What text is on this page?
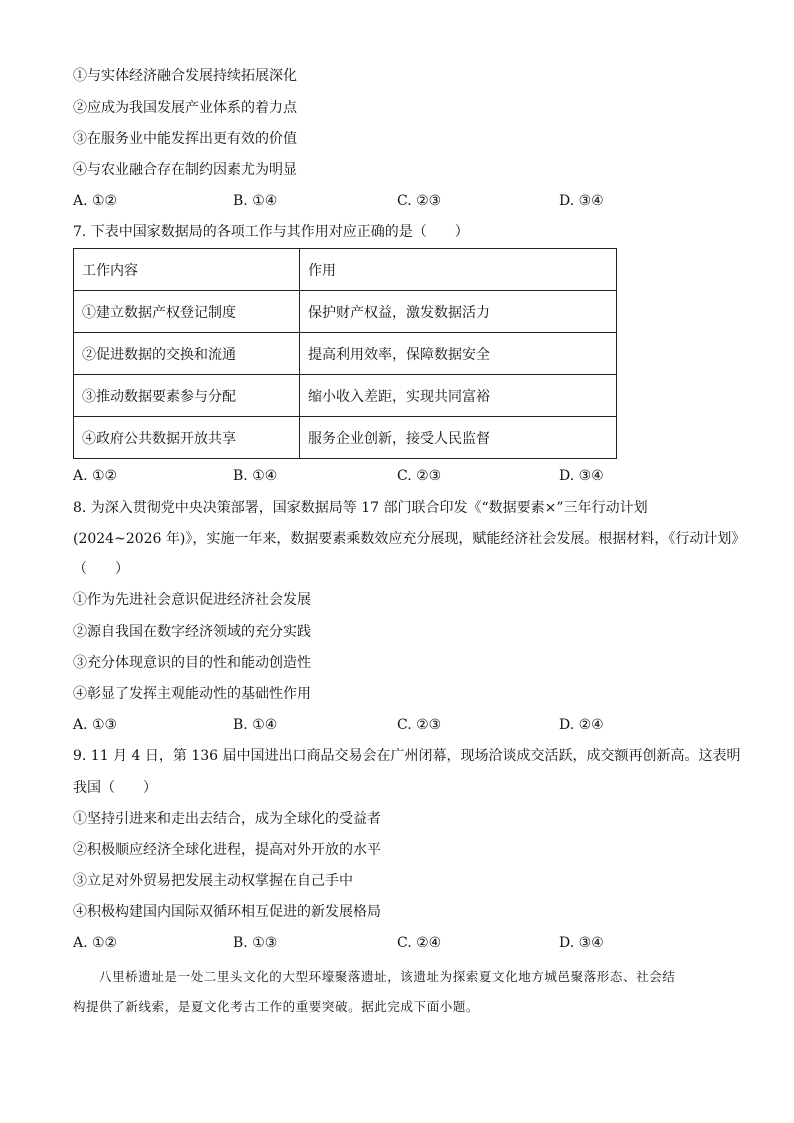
①与实体经济融合发展持续拓展深化
②应成为我国发展产业体系的着力点
③在服务业中能发挥出更有效的价值
④与农业融合存在制约因素尤为明显
A. ①②	B. ①④	C. ②③	D. ③④
7. 下表中国家数据局的各项工作与其作用对应正确的是（　　）
工作内容	作用
①建立数据产权登记制度	保护财产权益，激发数据活力
②促进数据的交换和流通	提高利用效率，保障数据安全
③推动数据要素参与分配	缩小收入差距，实现共同富裕
④政府公共数据开放共享	服务企业创新，接受人民监督
A. ①②	B. ①④	C. ②③	D. ③④
8. 为深入贯彻党中央决策部署，国家数据局等 17 部门联合印发《“数据要素×”三年行动计划
(2024~2026 年)》，实施一年来，数据要素乘数效应充分展现，赋能经济社会发展。根据材料，《行动计划》
（　　）
①作为先进社会意识促进经济社会发展
②源自我国在数字经济领域的充分实践
③充分体现意识的目的性和能动创造性
④彰显了发挥主观能动性的基础性作用
A. ①③	B. ①④	C. ②③	D. ②④
9. 11 月 4 日，第 136 届中国进出口商品交易会在广州闭幕，现场洽谈成交活跃，成交额再创新高。这表明
我国（　　）
①坚持引进来和走出去结合，成为全球化的受益者
②积极顺应经济全球化进程，提高对外开放的水平
③立足对外贸易把发展主动权掌握在自己手中
④积极构建国内国际双循环相互促进的新发展格局
A. ①②	B. ①③	C. ②④	D. ③④

八里桥遗址是一处二里头文化的大型环壕聚落遗址，该遗址为探索夏文化地方城邑聚落形态、社会结

构提供了新线索，是夏文化考古工作的重要突破。据此完成下面小题。
